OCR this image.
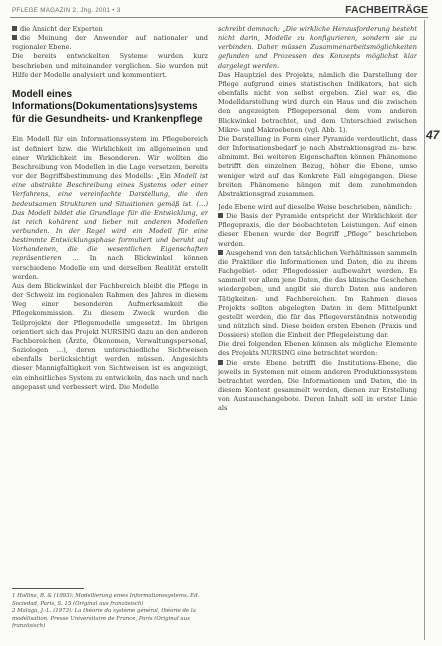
PFLEGE MAGAZIN 2. Jhg. 2001 • 3	FACHBEITRÄGE
47

die Ansicht der Experten

die Meinung der Anwender auf nationaler und regionaler Ebene.

Die bereits entwickelten Systeme wurden kurz beschrieben und miteinander verglichen. Sie wurden mit Hilfe der Modelle analysiert und kommentiert.

Modell eines Informations(Dokumentations)systems für die Gesundheits- und Krankenpflege

Ein Modell für ein Informationssystem im Pflegebereich ist definiert bzw. die Wirklichkeit im allgemeinen und einer Wirklichkeit im Besonderen. Wir wollten die Beschreibung von Modellen in die Lage versetzen, bereits vor der Begriffsbestimmung des Modells: „Ein Modell ist eine abstrakte Beschreibung eines Systems oder einer Verfahrens, eine vereinfachte Darstellung, die den bedeutsamen Strukturen und Situationen gemäß ist. (…) Das Modell bildet die Grundlage für die Entwicklung, er ist reich kohärent und lieber mit anderen Modellen verbunden. In der Regel wird ein Modell für eine bestimmte Entwicklungsphase formuliert und beruht auf Vorhandenen, die die wesentlichen Eigenschaften repräsentieren … In nach Blickwinkel können verschiedene Modelle ein und derselben Realität erstellt werden.

Aus dem Blickwinkel der Fachbereich bleibt die Pflege in der Schweiz im regionalen Rahmen des Jahres in diesem Weg einer besonderen Aufmerksamkeit die Pflegekommission. Zu diesem Zweck wurden die Teilprojekte der Pflegemodelle umgesetzt. Im übrigen orientiert sich das Projekt NURSING dazu an den anderen Fachbereichen (Ärzte, Ökonomen, Verwaltungspersonal, Soziologen …), deren unterschiedliche Sichtweisen ebenfalls berücksichtigt werden müssen. Angesichts dieser Mannigfaltigkeit von Sichtweisen ist es angezeigt, ein einheitliches System zu entwickeln, das nach und nach angepasst und verbessert wird. Die Modelle

1 Hollins, B. & (1993): Modellierung eines Informationssystems. Ed. Sociedad, Paris, S. 15 (Original aus französisch)

2 Malaga, J.-L. (1973): La théorie du système général, théorie de la modélisation. Presse Universitaire de France, Paris (Original aus französisch)

schreibt demnach: „Die wirkliche Herausforderung besteht nicht darin, Modelle zu konfigurieren, sondern sie zu verbinden. Daher müssen Zusammenarbeitsmöglichkeiten gefunden und Prozessen des Konzepts möglichst klar dargelegt werden.

Das Hauptziel des Projekts, nämlich die Darstellung der Pflege aufgrund eines statistischen Indikators, hat sich ebenfalls nicht von selbst ergeben. Ziel war es, die Modelldarstellung wird durch ein Haus und die zwischen den angezeigten Pflegepersonal dem vom anderen Blickwinkel betrachtet, und dem Unterschied zwischen Mikro- und Makroebenen (vgl. Abb. 1).

Die Darstellung in Form einer Pyramide verdeutlicht, dass der Informationsbedarf je nach Abstraktionsgrad zu- bzw. abnimmt. Bei weiteren Eigenschaften können Phänomene betrifft den einzelnen Bezug, höher die Ebene, umso weniger wird auf das Konkrete Fall eingegangen. Diese breiten Phänomene hängen mit dem zunehmenden Abstraktionsgrad zusammen.

Jede Ebene wird auf dieselbe Weise beschrieben, nämlich:

Die Basis der Pyramide entspricht der Wirklichkeit der Pflegepraxis, die der beobachteten Leistungen. Auf einen dieser Ebenen wurde der Begriff „Pflege“ beschrieben werden.

Ausgehend von den tatsächlichen Verhältnissen sammeln die Praktiker die Informationen und Daten, die zu ihrem Fachgebiet- oder Pflegedossier aufbewahrt werden. Es sammelt vor allem jene Daten, die das klinische Geschehen wiedergeben, und angibt sie durch Daten aus anderen Tätigkeiten- und Fachbereichen. Im Rahmen dieses Projekts sollten abgelegten Daten in dem Mittelpunkt gestellt werden, die für das Pflegeverständnis notwendig und nützlich sind. Diese beiden ersten Ebenen (Praxis und Dossiers) stellen die Einheit der Pflegeleistung dar.

Die drei folgenden Ebenen können als mögliche Elemente des Projekts NURSING eine betrachtet werden:

Die erste Ebene betrifft die Institutions-Ebene, die jeweils in Systemen mit einem anderen Produktionssystem betrachtet werden. Die Informationen und Daten, die in diesem Kontext gesammelt werden, dienen zur Erstellung von Austauschangebote. Deren Inhalt soll in erster Linie als
